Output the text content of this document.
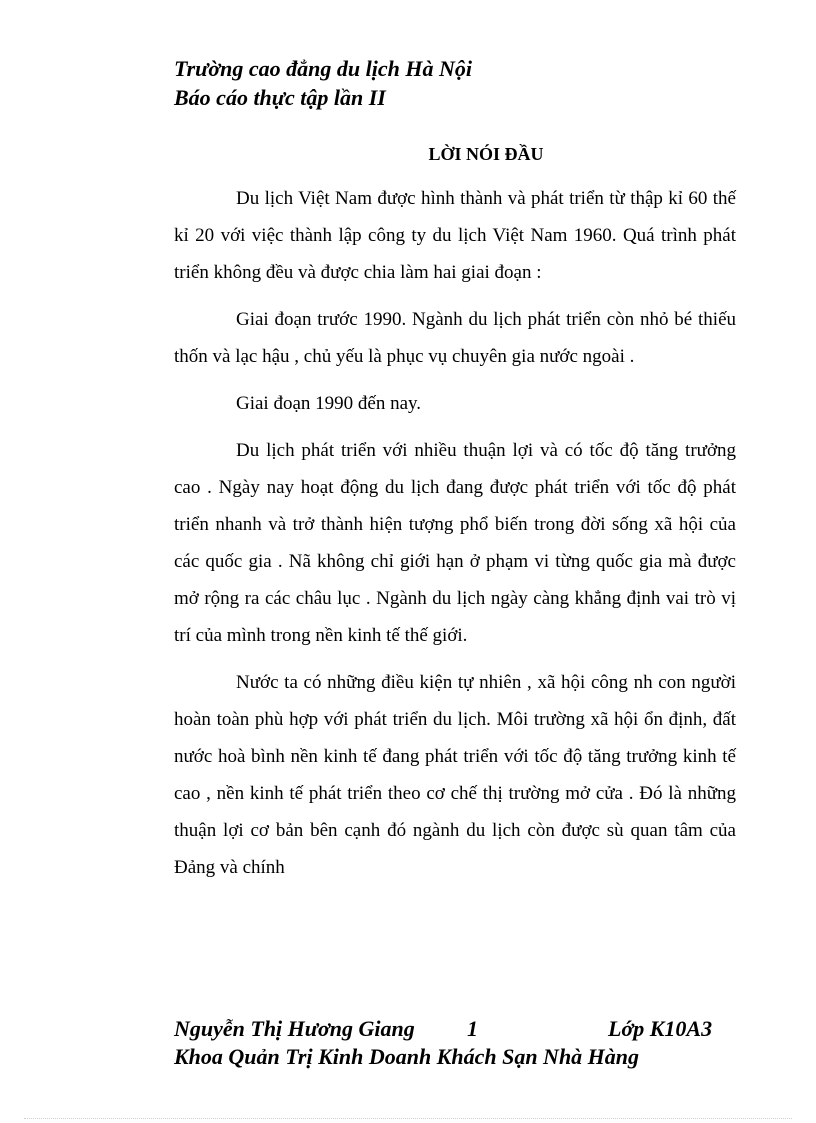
Trường cao đẳng du lịch Hà Nội
Báo cáo thực tập lần II
LỜI NÓI ĐẦU

Du lịch Việt Nam được hình thành và phát triển từ thập kỉ 60 thế kỉ 20 với việc thành lập công ty du lịch Việt Nam 1960. Quá trình phát triển không đều và được chia làm hai giai đoạn :

Giai đoạn trước 1990. Ngành du lịch phát triển còn nhỏ bé thiếu thốn và lạc hậu , chủ yếu là phục vụ chuyên gia nước ngoài .

Giai đoạn 1990 đến nay.

Du lịch phát triển với nhiều thuận lợi và có tốc độ tăng trưởng cao . Ngày nay hoạt động du lịch đang được phát triển với tốc độ phát triển nhanh và trở thành hiện tượng phổ biến trong đời sống xã hội của các quốc gia . Nã không chỉ giới hạn ở phạm vi từng quốc gia mà được mở rộng ra các châu lục . Ngành du lịch ngày càng khẳng định vai trò vị trí của mình trong nền kinh tế thế giới.

Nước ta có những điều kiện tự nhiên , xã hội công nh con người hoàn toàn phù hợp với phát triển du lịch. Môi trường xã hội ổn định, đất nước hoà bình nền kinh tế đang phát triển với tốc độ tăng trưởng kinh tế cao , nền kinh tế phát triển theo cơ chế thị trường mở cửa . Đó là những thuận lợi cơ bản bên cạnh đó ngành du lịch còn được sù quan tâm của Đảng và chính

Nguyễn Thị Hương Giang 1	Lớp K10A3
Khoa Quản Trị Kinh Doanh Khách Sạn Nhà Hàng
